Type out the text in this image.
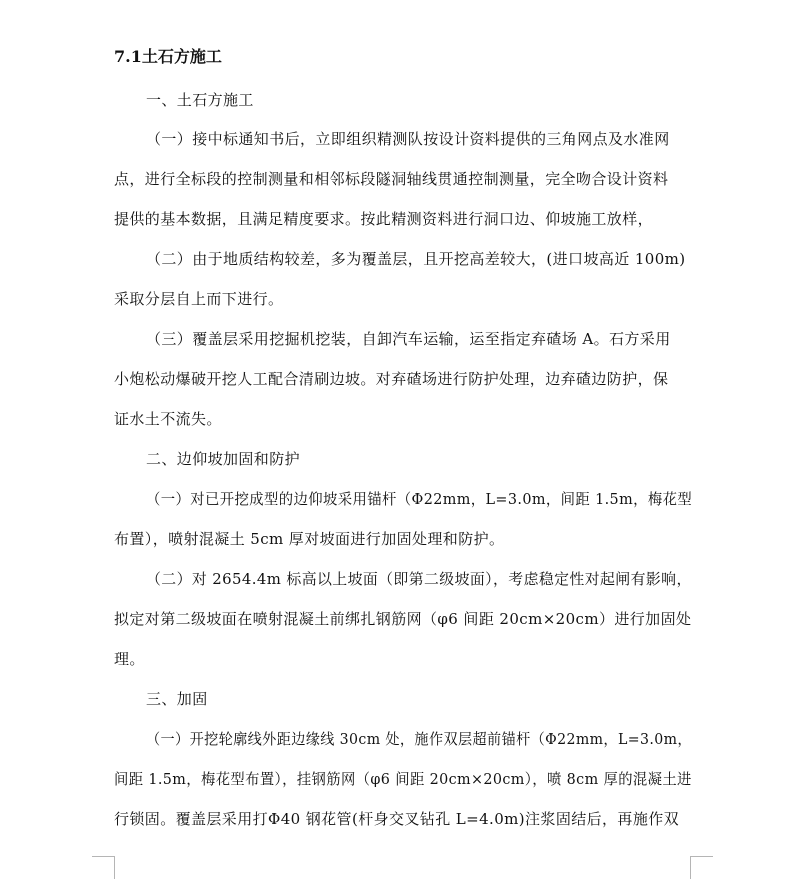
7.1土石方施工
一、土石方施工
（一）接中标通知书后，立即组织精测队按设计资料提供的三角网点及水准网
点，进行全标段的控制测量和相邻标段隧洞轴线贯通控制测量，完全吻合设计资料
提供的基本数据，且满足精度要求。按此精测资料进行洞口边、仰坡施工放样，
（二）由于地质结构较差，多为覆盖层，且开挖高差较大，(进口坡高近 100m)
采取分层自上而下进行。
（三）覆盖层采用挖掘机挖装，自卸汽车运输，运至指定弃碴场 A。石方采用
小炮松动爆破开挖人工配合清刷边坡。对弃碴场进行防护处理，边弃碴边防护，保
证水土不流失。
二、边仰坡加固和防护
（一）对已开挖成型的边仰坡采用锚杆（Φ22mm，L=3.0m，间距 1.5m，梅花型
布置），喷射混凝土 5cm 厚对坡面进行加固处理和防护。
（二）对 2654.4m 标高以上坡面（即第二级坡面），考虑稳定性对起闸有影响，
拟定对第二级坡面在喷射混凝土前绑扎钢筋网（φ6 间距 20cm×20cm）进行加固处
理。
三、加固
（一）开挖轮廓线外距边缘线 30cm 处，施作双层超前锚杆（Φ22mm，L=3.0m，
间距 1.5m，梅花型布置），挂钢筋网（φ6 间距 20cm×20cm），喷 8cm 厚的混凝土进
行锁固。覆盖层采用打Φ40 钢花管(杆身交叉钻孔 L=4.0m)注浆固结后，再施作双
